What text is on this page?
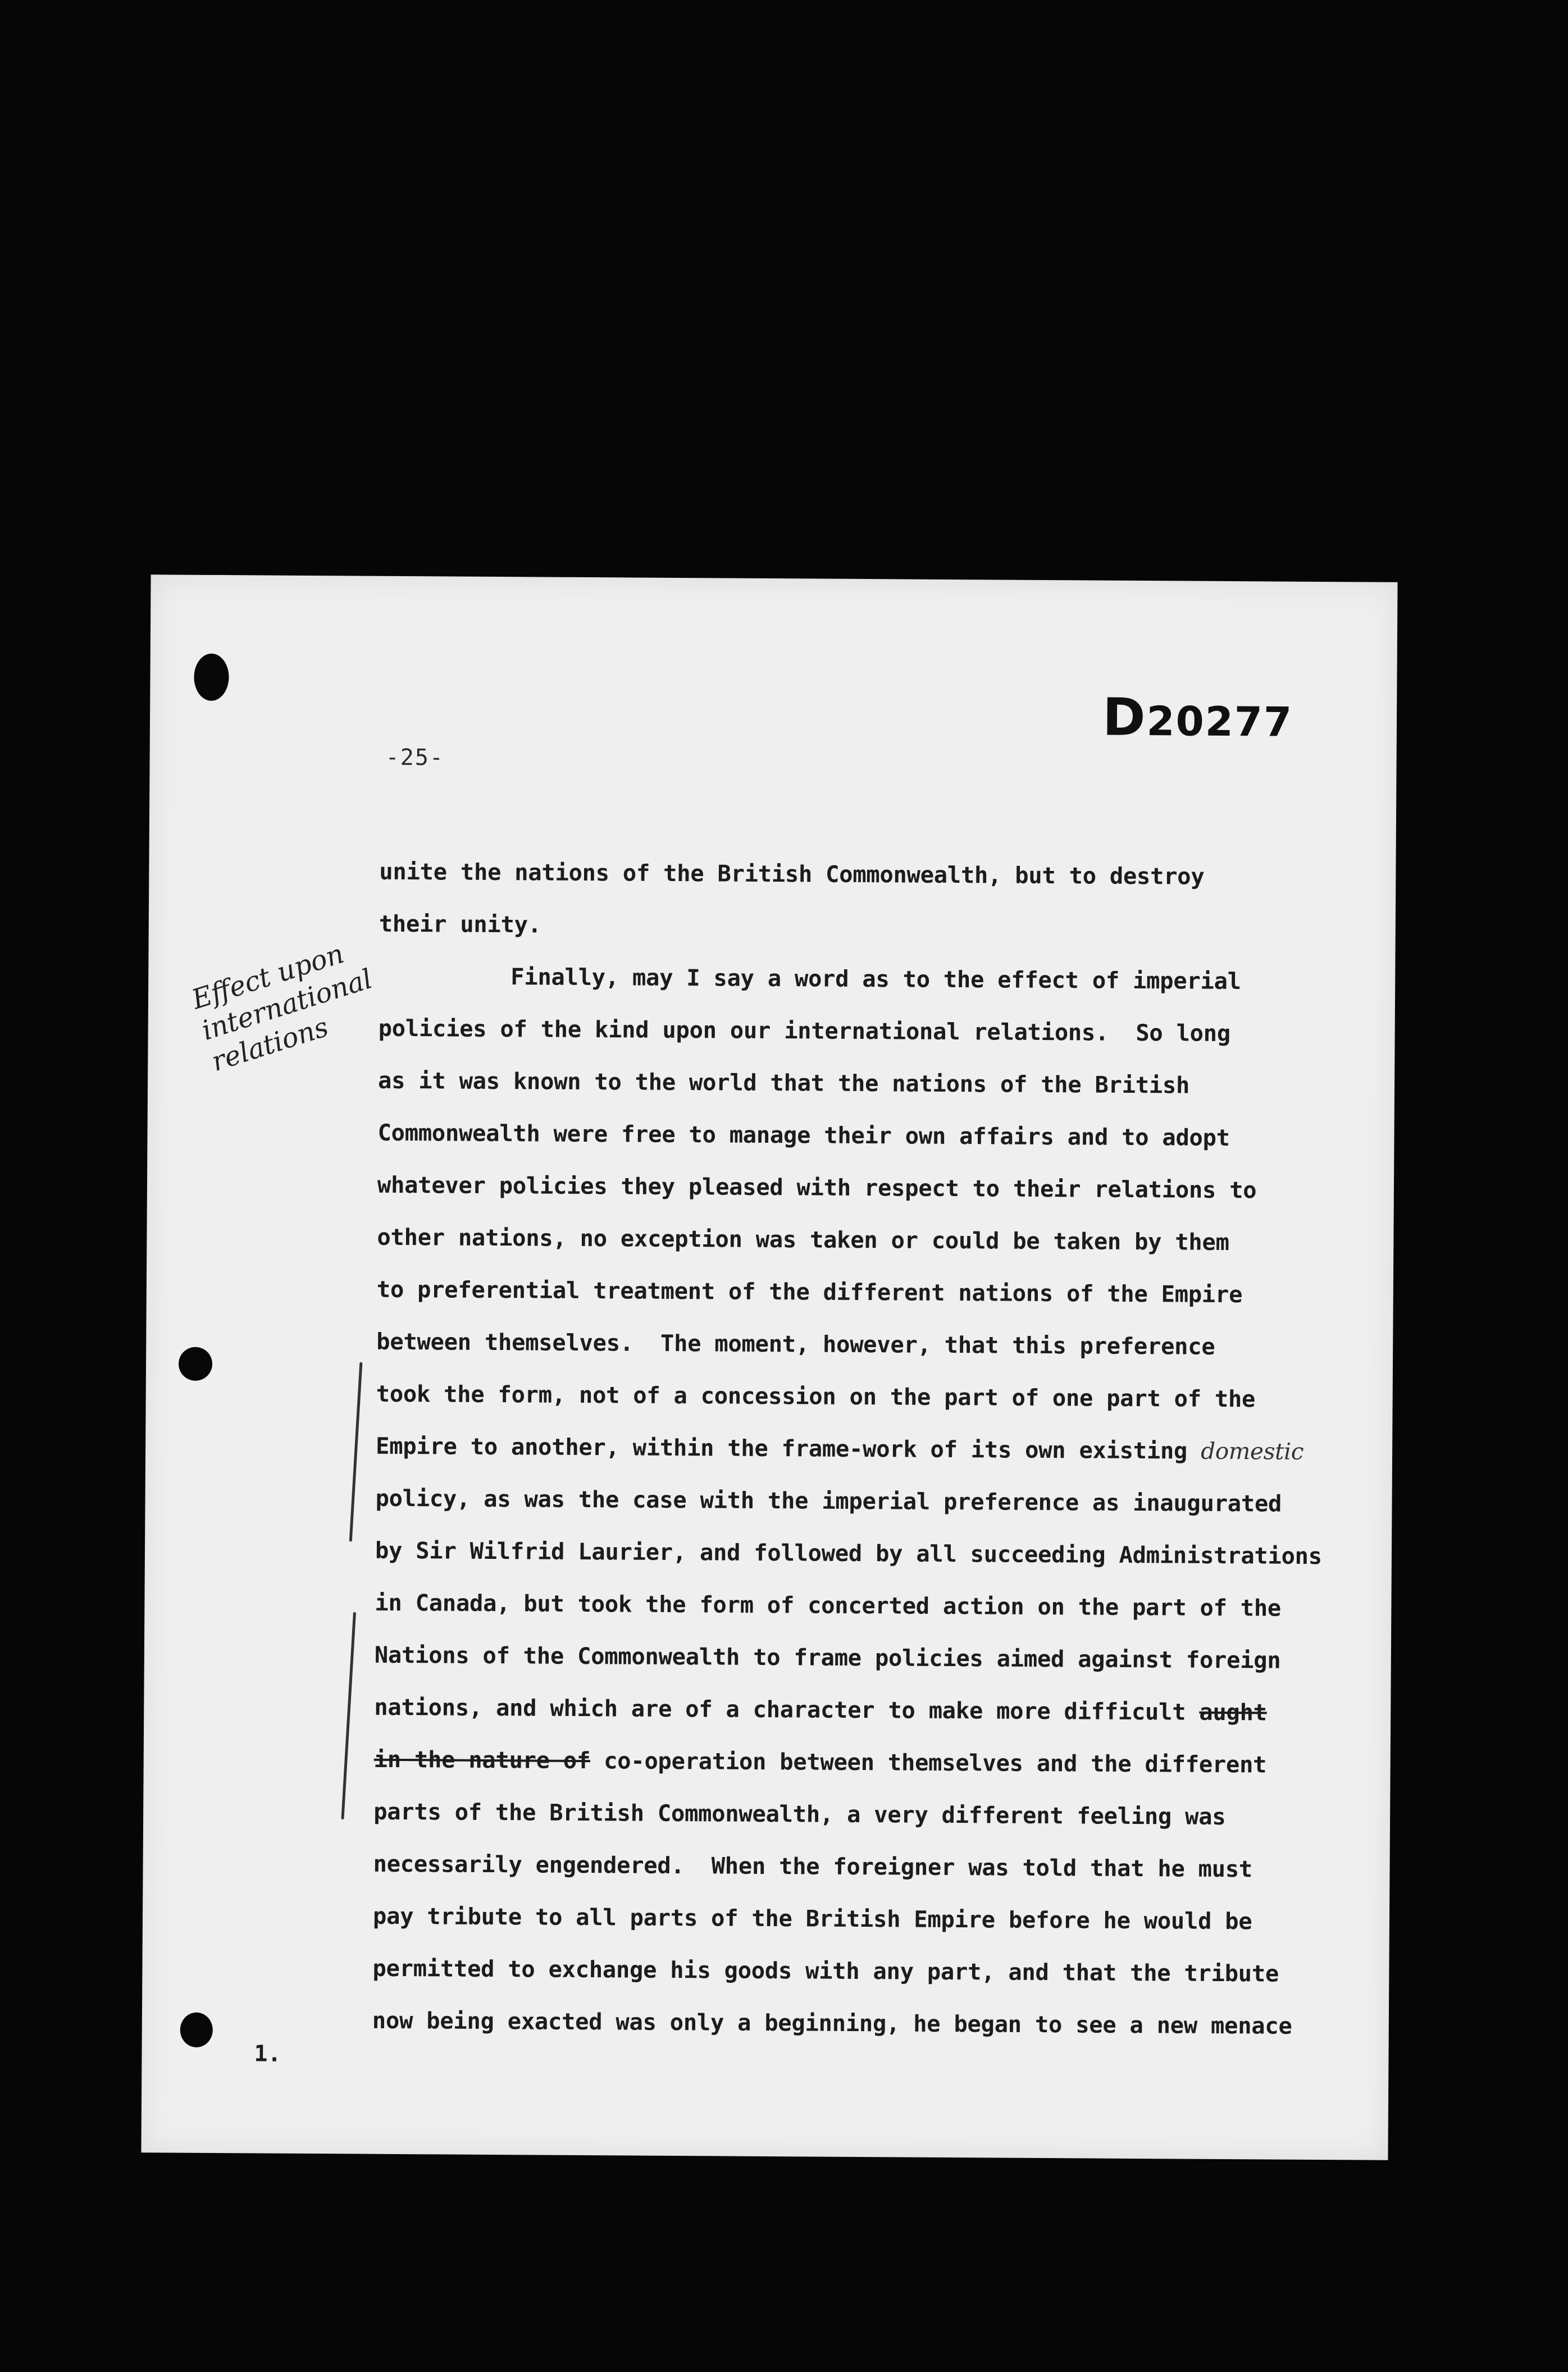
D20277
-25-
Effect upon international relations
unite the nations of the British Commonwealth, but to destroy
their unity.
Finally, may I say a word as to the effect of imperial
policies of the kind upon our international relations.  So long
as it was known to the world that the nations of the British
Commonwealth were free to manage their own affairs and to adopt
whatever policies they pleased with respect to their relations to
other nations, no exception was taken or could be taken by them
to preferential treatment of the different nations of the Empire
between themselves.  The moment, however, that this preference
took the form, not of a concession on the part of one part of the
Empire to another, within the frame-work of its own existing domestic
policy, as was the case with the imperial preference as inaugurated
by Sir Wilfrid Laurier, and followed by all succeeding Administrations
in Canada, but took the form of concerted action on the part of the
Nations of the Commonwealth to frame policies aimed against foreign
nations, and which are of a character to make more difficult aught
in the nature of co-operation between themselves and the different
parts of the British Commonwealth, a very different feeling was
necessarily engendered.  When the foreigner was told that he must
pay tribute to all parts of the British Empire before he would be
permitted to exchange his goods with any part, and that the tribute
now being exacted was only a beginning, he began to see a new menace
1.
